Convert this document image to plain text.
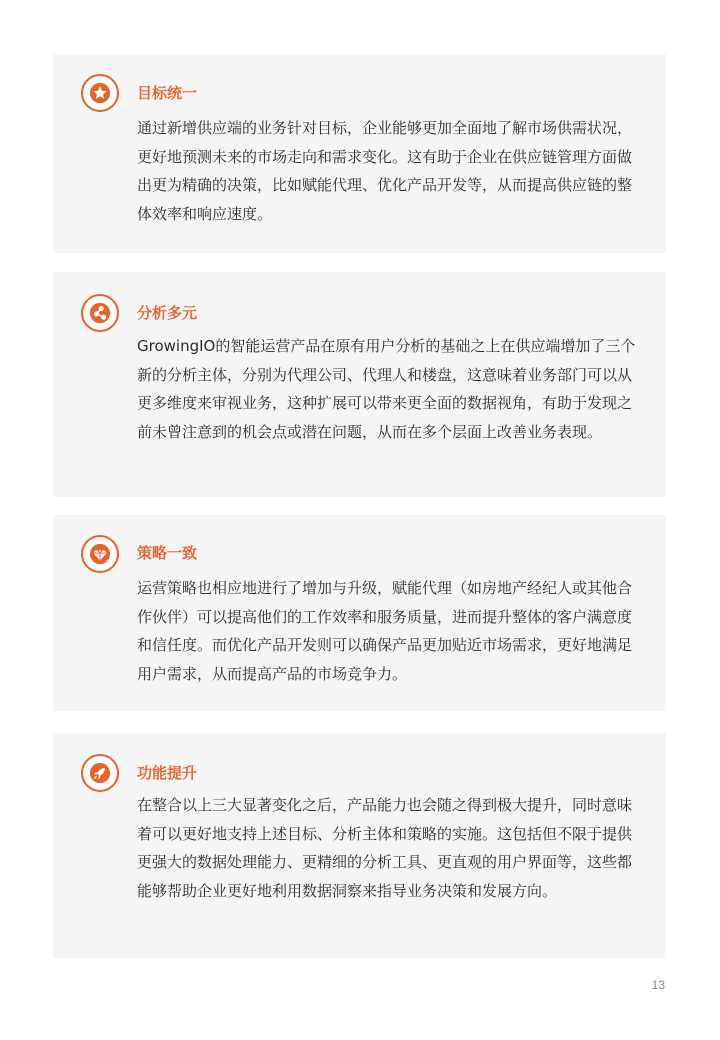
目标统一
通过新增供应端的业务针对目标，企业能够更加全面地了解市场供需状况，更好地预测未来的市场走向和需求变化。这有助于企业在供应链管理方面做出更为精确的决策，比如赋能代理、优化产品开发等，从而提高供应链的整体效率和响应速度。
分析多元
GrowingIO的智能运营产品在原有用户分析的基础之上在供应端增加了三个新的分析主体，分别为代理公司、代理人和楼盘，这意味着业务部门可以从更多维度来审视业务，这种扩展可以带来更全面的数据视角，有助于发现之前未曾注意到的机会点或潜在问题，从而在多个层面上改善业务表现。
+ 策略一致
运营策略也相应地进行了增加与升级，赋能代理（如房地产经纪人或其他合作伙伴）可以提高他们的工作效率和服务质量，进而提升整体的客户满意度和信任度。而优化产品开发则可以确保产品更加贴近市场需求，更好地满足用户需求，从而提高产品的市场竞争力。
功能提升
在整合以上三大显著变化之后，产品能力也会随之得到极大提升，同时意味着可以更好地支持上述目标、分析主体和策略的实施。这包括但不限于提供更强大的数据处理能力、更精细的分析工具、更直观的用户界面等，这些都能够帮助企业更好地利用数据洞察来指导业务决策和发展方向。
13
